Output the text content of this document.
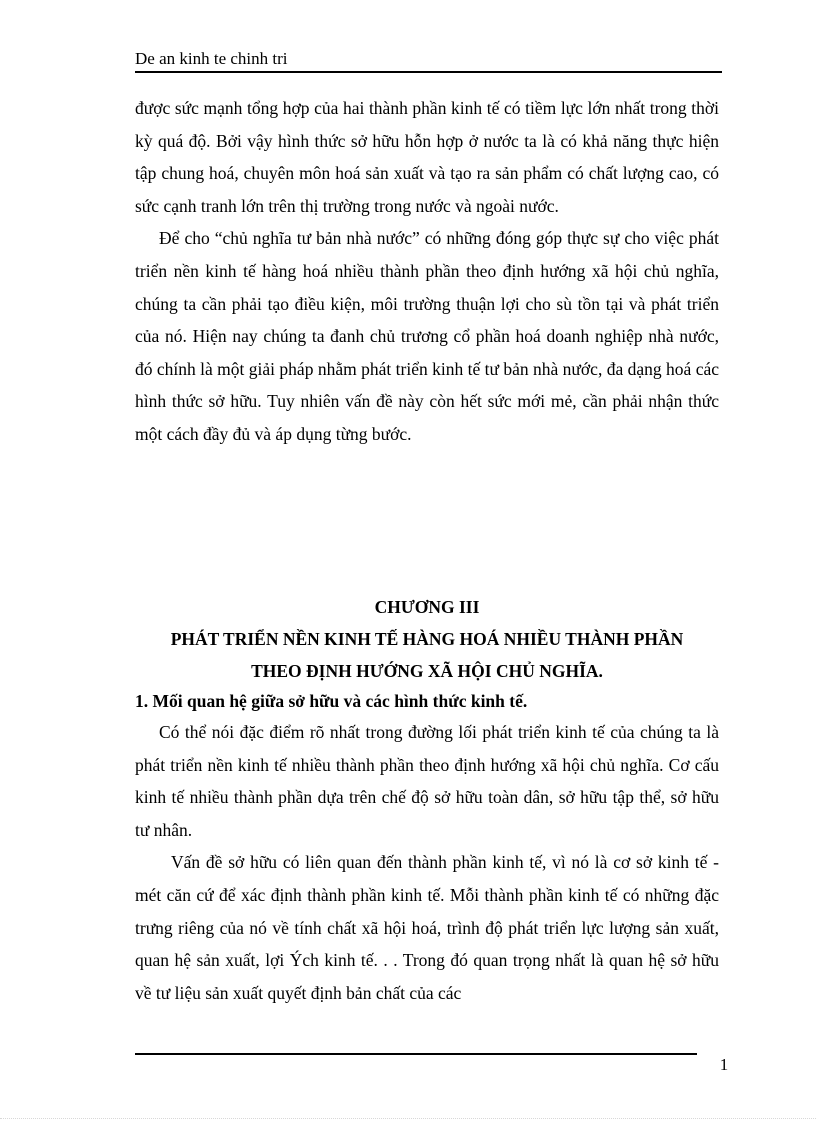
De an kinh te chinh tri

được sức mạnh tổng hợp của hai thành phần kinh tế có tiềm lực lớn nhất trong thời kỳ quá độ. Bởi vậy hình thức sở hữu hỗn hợp ở nước ta là có khả năng thực hiện tập chung hoá, chuyên môn hoá sản xuất và tạo ra sản phẩm có chất lượng cao, có sức cạnh tranh lớn trên thị trường trong nước và ngoài nước.

Để cho “chủ nghĩa tư bản nhà nước” có những đóng góp thực sự cho việc phát triển nền kinh tế hàng hoá nhiều thành phần theo định hướng xã hội chủ nghĩa, chúng ta cần phải tạo điều kiện, môi trường thuận lợi cho sù tồn tại và phát triển của nó. Hiện nay chúng ta đanh chủ trương cổ phần hoá doanh nghiệp nhà nước, đó chính là một giải pháp nhằm phát triển kinh tế tư bản nhà nước, đa dạng hoá các hình thức sở hữu. Tuy nhiên vấn đề này còn hết sức mới mẻ, cần phải nhận thức một cách đầy đủ và áp dụng từng bước.

CHƯƠNG III
PHÁT TRIỂN NỀN KINH TẾ HÀNG HOÁ NHIỀU THÀNH PHẦN
THEO ĐỊNH HƯỚNG XÃ HỘI CHỦ NGHĨA.
1. Mối quan hệ giữa sở hữu và các hình thức kinh tế.

Có thể nói đặc điểm rõ nhất trong đường lối phát triển kinh tế của chúng ta là phát triển nền kinh tế nhiều thành phần theo định hướng xã hội chủ nghĩa. Cơ cấu kinh tế nhiều thành phần dựa trên chế độ sở hữu toàn dân, sở hữu tập thể, sở hữu tư nhân.

Vấn đề sở hữu có liên quan đến thành phần kinh tế, vì nó là cơ sở kinh tế - mét căn cứ để xác định thành phần kinh tế. Mỗi thành phần kinh tế có những đặc trưng riêng của nó về tính chất xã hội hoá, trình độ phát triển lực lượng sản xuất, quan hệ sản xuất, lợi Ých kinh tế. . . Trong đó quan trọng nhất là quan hệ sở hữu về tư liệu sản xuất quyết định bản chất của các

1
